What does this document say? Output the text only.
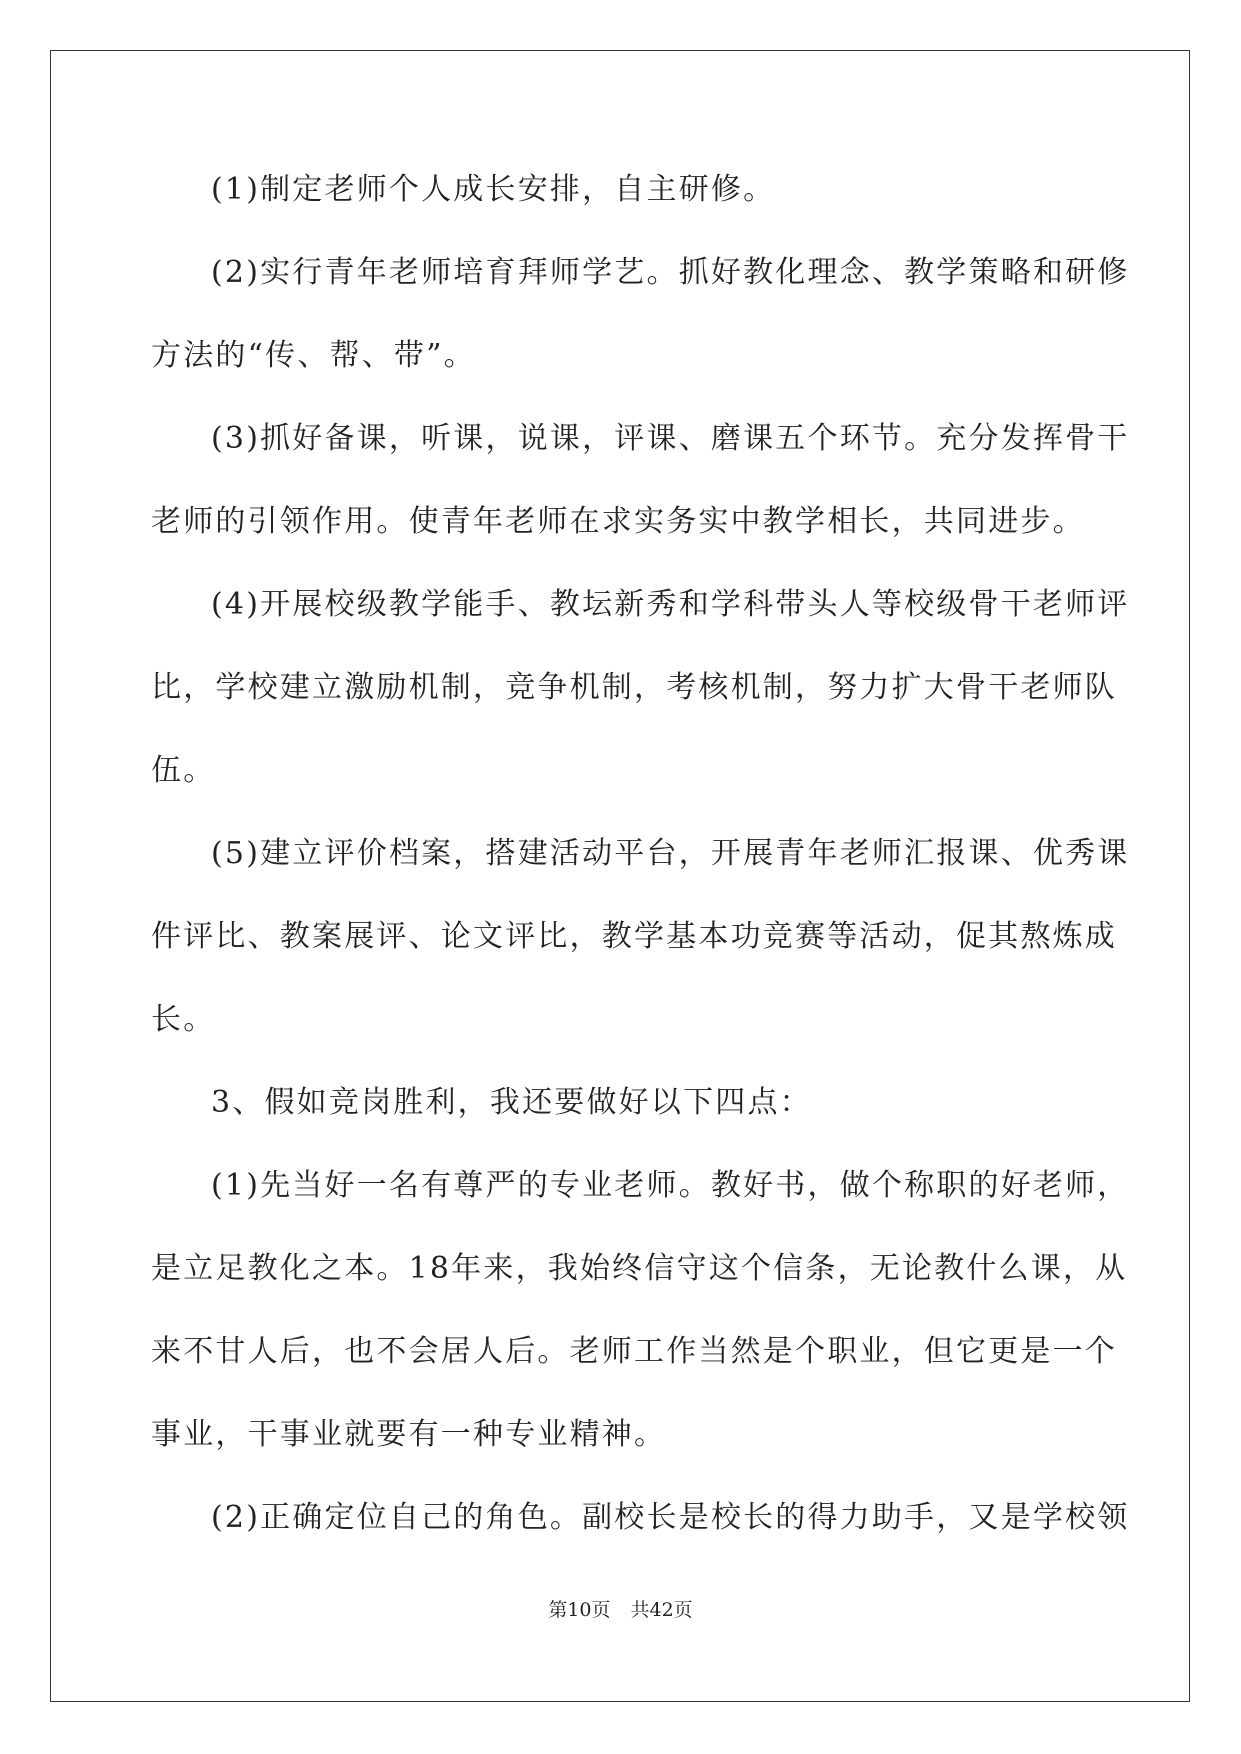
(1)制定老师个人成长安排，自主研修。
(2)实行青年老师培育拜师学艺。抓好教化理念、教学策略和研修
方法的“传、帮、带”。
(3)抓好备课，听课，说课，评课、磨课五个环节。充分发挥骨干
老师的引领作用。使青年老师在求实务实中教学相长，共同进步。
(4)开展校级教学能手、教坛新秀和学科带头人等校级骨干老师评
比，学校建立激励机制，竞争机制，考核机制，努力扩大骨干老师队
伍。
(5)建立评价档案，搭建活动平台，开展青年老师汇报课、优秀课
件评比、教案展评、论文评比，教学基本功竞赛等活动，促其熬炼成
长。
3、假如竞岗胜利，我还要做好以下四点：
(1)先当好一名有尊严的专业老师。教好书，做个称职的好老师，
是立足教化之本。18年来，我始终信守这个信条，无论教什么课，从
来不甘人后，也不会居人后。老师工作当然是个职业，但它更是一个
事业，干事业就要有一种专业精神。
(2)正确定位自己的角色。副校长是校长的得力助手，又是学校领
第10页 共42页
